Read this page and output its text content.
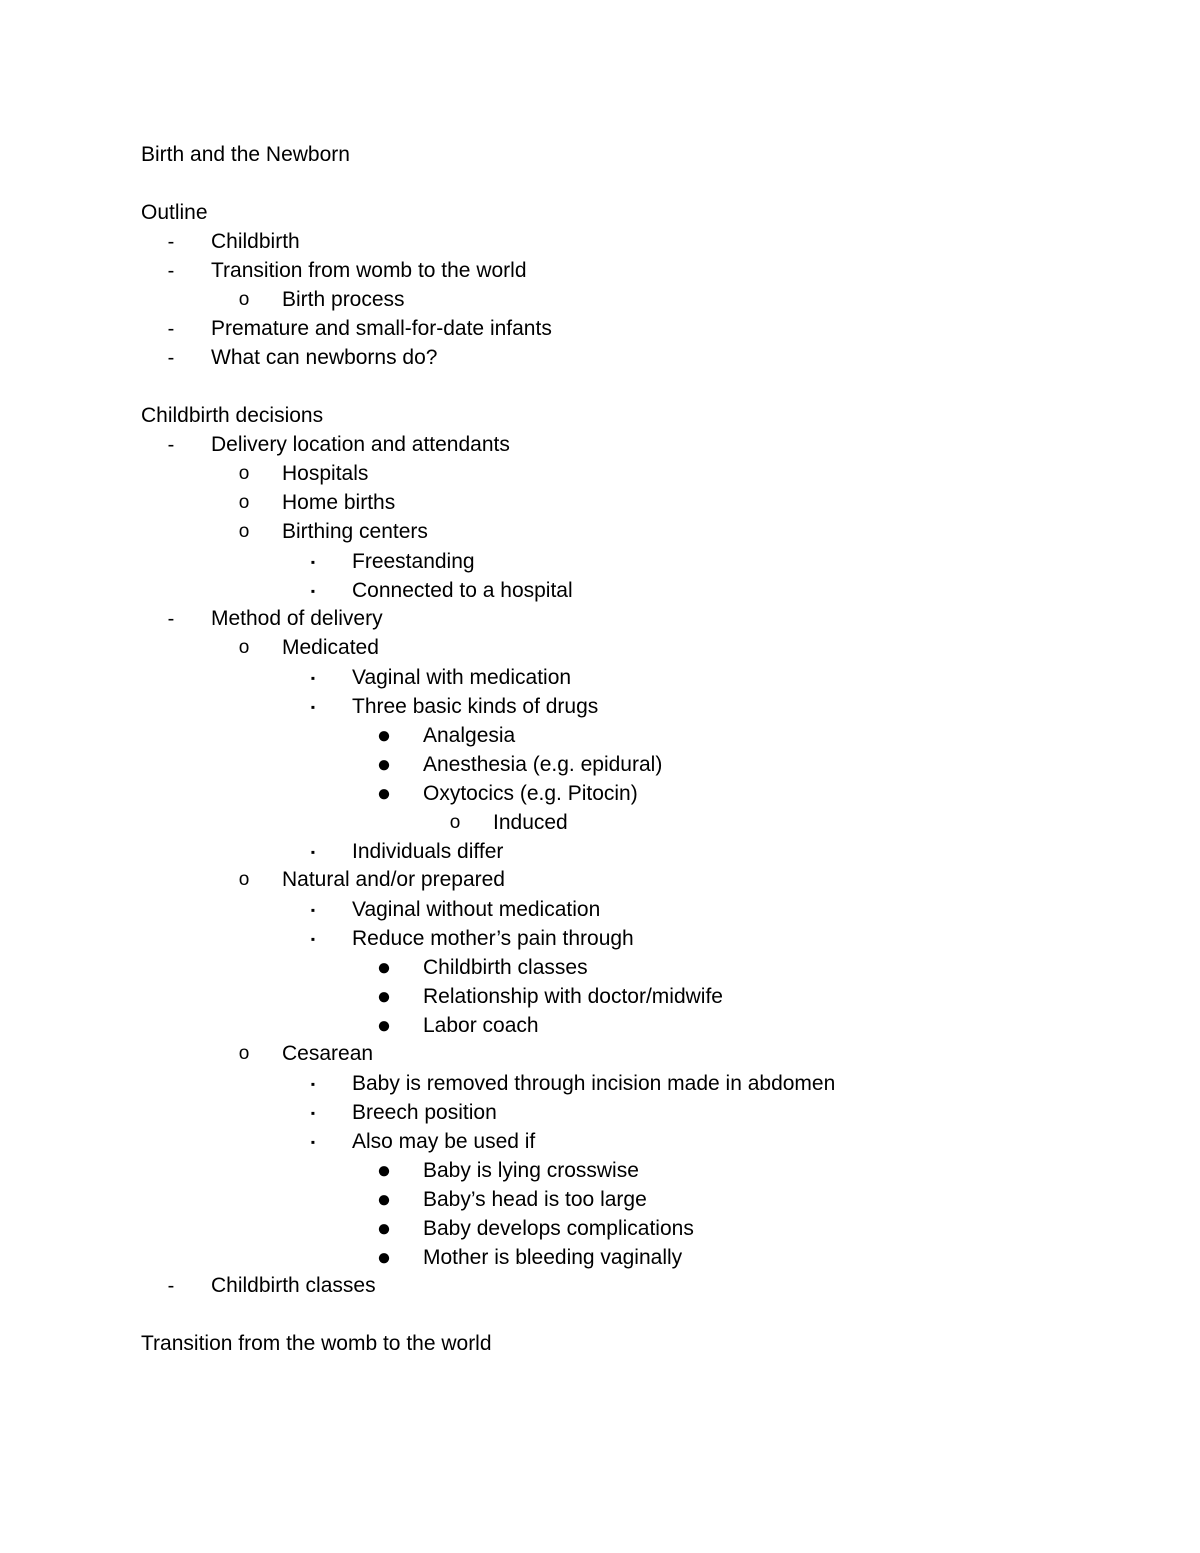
Birth and the Newborn
Outline
-	Childbirth
-	Transition from womb to the world
o Birth process
-	Premature and small-for-date infants
-	What can newborns do?
Childbirth decisions
-	Delivery location and attendants
o Hospitals
o Home births
o Birthing centers
▪	Freestanding
▪	Connected to a hospital
-	Method of delivery
o Medicated
▪	Vaginal with medication
▪	Three basic kinds of drugs
● Analgesia
● Anesthesia (e.g. epidural)
● Oxytocics (e.g. Pitocin)
o Induced
▪	Individuals differ
o Natural and/or prepared
▪	Vaginal without medication
▪	Reduce mother’s pain through
● Childbirth classes
● Relationship with doctor/midwife
● Labor coach
o Cesarean
▪	Baby is removed through incision made in abdomen
▪	Breech position
▪	Also may be used if
● Baby is lying crosswise
● Baby’s head is too large
● Baby develops complications
● Mother is bleeding vaginally
-	Childbirth classes
Transition from the womb to the world
